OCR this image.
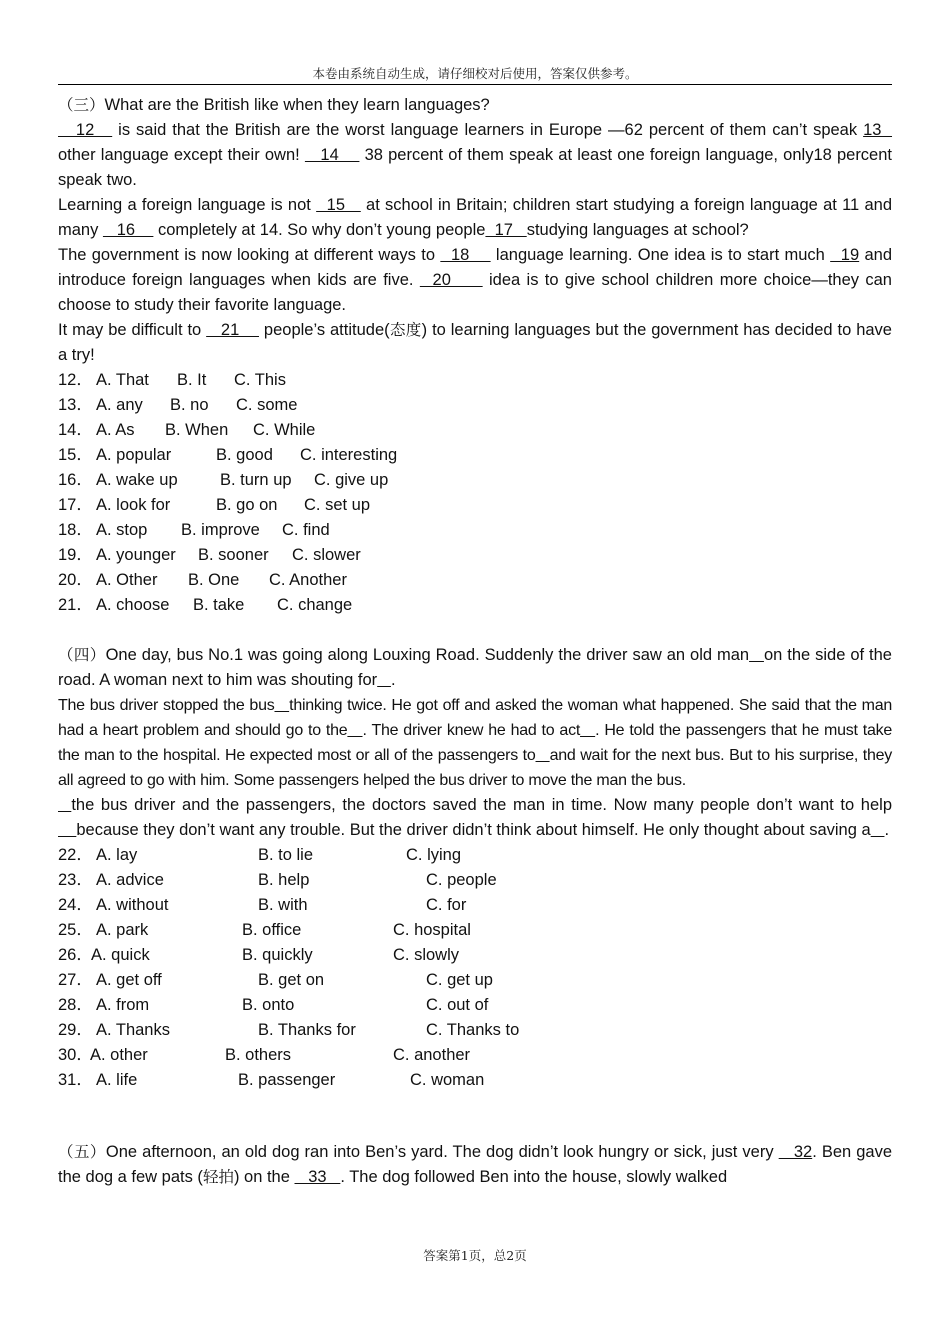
本卷由系统自动生成，请仔细校对后使用，答案仅供参考。

（三）What are the British like when they learn languages?

12    is said that the British are the worst language learners in Europe —62 percent of them can’t speak 13   other language except their own!    14     38 percent of them speak at least one foreign language, only18 percent speak two.

Learning a foreign language is not   15    at school in Britain; children start studying a foreign language at 11 and many    16     completely at 14. So why don’t young people  17   studying languages at school?

The government is now looking at different ways to   18     language learning. One idea is to start much   19 and introduce foreign languages when kids are five.   20      idea is to give school children more choice—they can choose to study their favorite language.

It may be difficult to    21     people’s attitude(态度) to learning languages but the government has decided to have a try!

12． A. That B. It C. This
13． A. any B. no C. some
14． A. As B. When C. While
15． A. popular	B. good C. interesting
16． A. wake up	B. turn up C. give up
17． A. look for	B. go on C. set up
18． A. stop B. improve C. find
19． A. younger B. sooner C. slower
20． A. Other B. One C. Another
21． A. choose B. take C. change

（四）One day, bus No.1 was going along Louxing Road. Suddenly the driver saw an old man on the side of the road. A woman next to him was shouting for .

The bus driver stopped the bus thinking twice. He got off and asked the woman what happened. She said that the man had a heart problem and should go to the . The driver knew he had to act . He told the passengers that he must take the man to the hospital. He expected most or all of the passengers to and wait for the next bus. But to his surprise, they all agreed to go with him. Some passengers helped the bus driver to move the man the bus.

the bus driver and the passengers, the doctors saved the man in time. Now many people don’t want to help    because they don’t want any trouble. But the driver didn’t think about himself. He only thought about saving a .

22． A. lay	B. to lie	C. lying
23． A. advice	B. help	C. people
24． A. without	B. with	C. for
25． A. park	B. office	C. hospital
26．
A. quick	B. quickly	C. slowly
27． A. get off	B. get on	C. get up
28． A. from	B. onto	C. out of
29． A. Thanks	B. Thanks for	C. Thanks to
30．
A. other	B. others	C. another
31． A. life	B. passenger	C. woman

（五）One afternoon, an old dog ran into Ben’s yard. The dog didn’t look hungry or sick, just very    32. Ben gave the dog a few pats (轻拍) on the    33   . The dog followed Ben into the house, slowly walked

答案第1页，总2页
